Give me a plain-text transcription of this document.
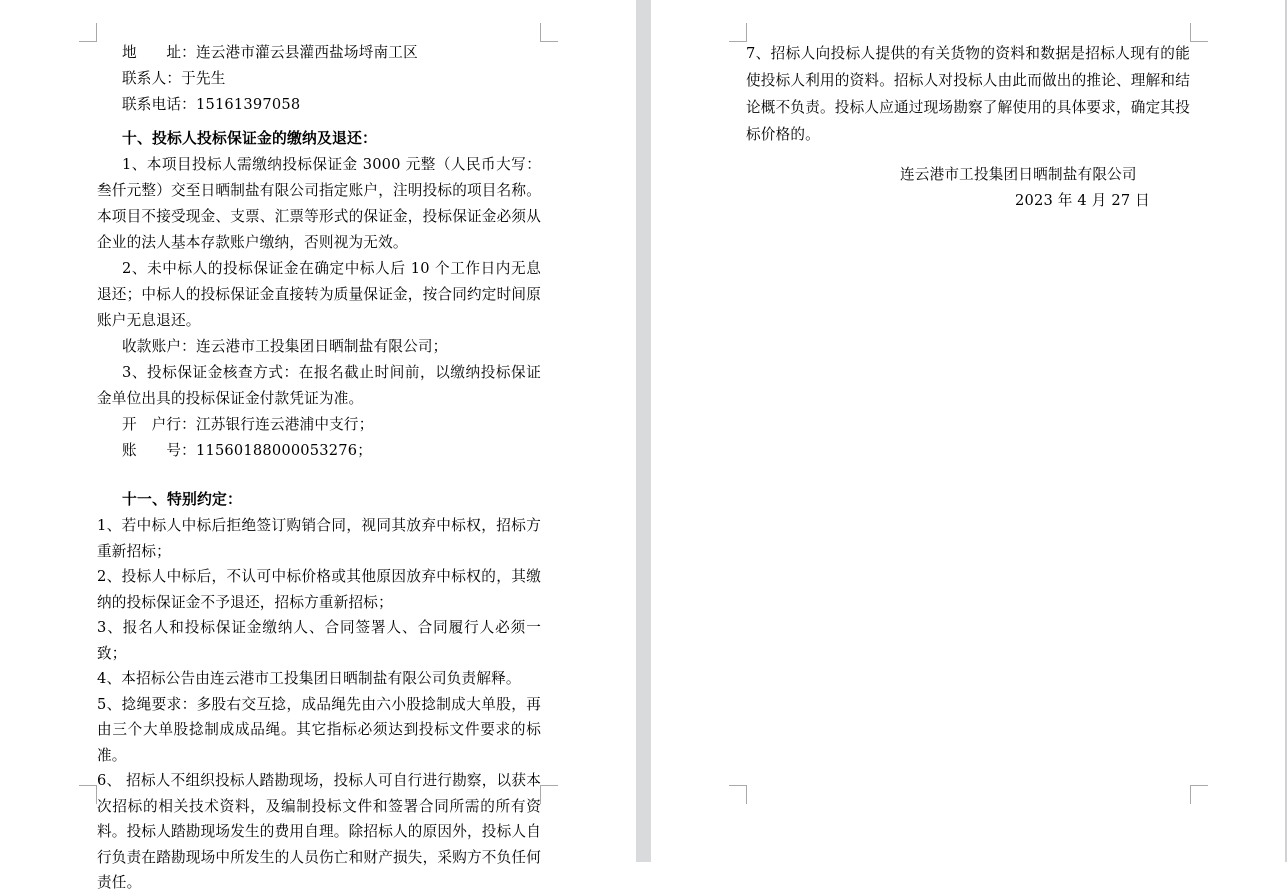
地　　址：连云港市灌云县灌西盐场埒南工区

联系人：于先生

联系电话：15161397058

十、投标人投标保证金的缴纳及退还：

1、本项目投标人需缴纳投标保证金 3000 元整（人民币大写：叁仟元整）交至日晒制盐有限公司指定账户，注明投标的项目名称。本项目不接受现金、支票、汇票等形式的保证金，投标保证金必须从企业的法人基本存款账户缴纳，否则视为无效。

2、未中标人的投标保证金在确定中标人后 10 个工作日内无息退还；中标人的投标保证金直接转为质量保证金，按合同约定时间原账户无息退还。

收款账户：连云港市工投集团日晒制盐有限公司；

3、投标保证金核查方式：在报名截止时间前，以缴纳投标保证金单位出具的投标保证金付款凭证为准。

开　户行：江苏银行连云港浦中支行；

账　　号：11560188000053276；

十一、特别约定：

1、若中标人中标后拒绝签订购销合同，视同其放弃中标权，招标方重新招标；

2、投标人中标后，不认可中标价格或其他原因放弃中标权的，其缴纳的投标保证金不予退还，招标方重新招标；

3、报名人和投标保证金缴纳人、合同签署人、合同履行人必须一致；

4、本招标公告由连云港市工投集团日晒制盐有限公司负责解释。

5、捻绳要求：多股右交互捻，成品绳先由六小股捻制成大单股，再由三个大单股捻制成成品绳。其它指标必须达到投标文件要求的标准。

6、 招标人不组织投标人踏勘现场，投标人可自行进行勘察，以获本次招标的相关技术资料，及编制投标文件和签署合同所需的所有资料。投标人踏勘现场发生的费用自理。除招标人的原因外，投标人自行负责在踏勘现场中所发生的人员伤亡和财产损失，采购方不负任何责任。

7、招标人向投标人提供的有关货物的资料和数据是招标人现有的能使投标人利用的资料。招标人对投标人由此而做出的推论、理解和结论概不负责。投标人应通过现场勘察了解使用的具体要求，确定其投标价格的。

连云港市工投集团日晒制盐有限公司

2023 年 4 月 27 日
